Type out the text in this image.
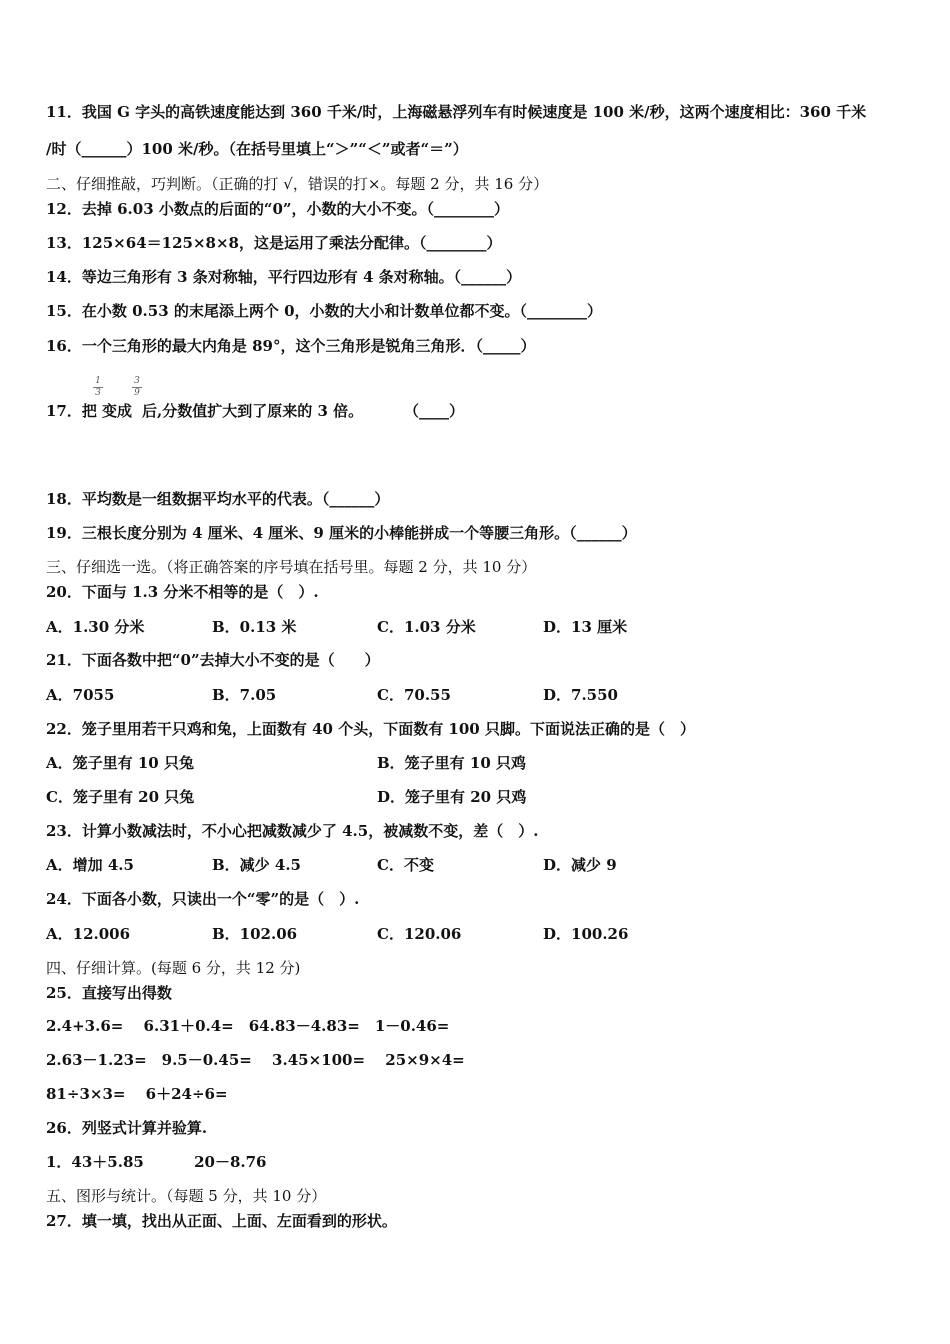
11．我国 G 字头的高铁速度能达到 360 千米/时，上海磁悬浮列车有时候速度是 100 米/秒，这两个速度相比：360 千米
/时（______）100 米/秒。（在括号里填上“＞”“＜”或者“＝”）
二、仔细推敲，巧判断。（正确的打 √，错误的打×。每题 2 分，共 16 分）
12．去掉 6.03 小数点的后面的“0”，小数的大小不变。（________）
13．125×64＝125×8×8，这是运用了乘法分配律。（________）
14．等边三角形有 3 条对称轴，平行四边形有 4 条对称轴。（______）
15．在小数 0.53 的末尾添上两个 0，小数的大小和计数单位都不变。（________）
16．一个三角形的最大内角是 89°，这个三角形是锐角三角形．（_____）
1
3
3
9
17．把 变成 后,分数值扩大到了原来的 3 倍。	（____）
18．平均数是一组数据平均水平的代表。（______）
19．三根长度分别为 4 厘米、4 厘米、9 厘米的小棒能拼成一个等腰三角形。（______）
三、仔细选一选。（将正确答案的序号填在括号里。每题 2 分，共 10 分）
20．下面与 1.3 分米不相等的是（　）.
A．1.30 分米	B．0.13 米	C．1.03 分米	D．13 厘米
21．下面各数中把“0”去掉大小不变的是（　　）
A．7055	B．7.05	C．70.55	D．7.550
22．笼子里用若干只鸡和兔，上面数有 40 个头，下面数有 100 只脚。下面说法正确的是（　）
A．笼子里有 10 只兔	B．笼子里有 10 只鸡
C．笼子里有 20 只兔	D．笼子里有 20 只鸡
23．计算小数减法时，不小心把减数减少了 4.5，被减数不变，差（　）.
A．增加 4.5	B．减少 4.5	C．不变	D．减少 9
24．下面各小数，只读出一个“零”的是（　）.
A．12.006	B．102.06	C．120.06	D．100.26
四、仔细计算。(每题 6 分，共 12 分)
25．直接写出得数
2.4+3.6=　 6.31＋0.4=　64.83－4.83=　1－0.46=
2.63－1.23=　9.5－0.45=　 3.45×100=　 25×9×4=
81÷3×3=　 6＋24÷6=
26．列竖式计算并验算.
1．43＋5.85　　　 20－8.76
五、图形与统计。（每题 5 分，共 10 分）
27．填一填，找出从正面、上面、左面看到的形状。
